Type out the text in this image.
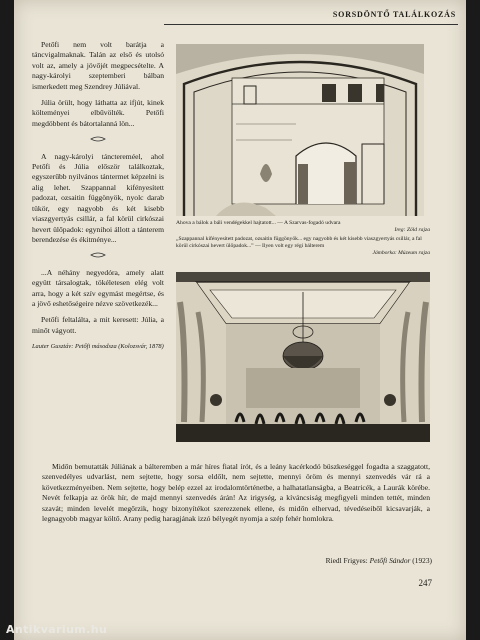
SORSDÖNTŐ TALÁLKOZÁS

Petőfi nem volt barátja a táncvigalmaknak. Talán az első és utolsó volt az, amely a jövőjét megpecsételte. A nagy-károlyi szeptemberi bálban ismerkedett meg Szendrey Júliával.

Júlia örült, hogy láthatta az ifjút, kinek költeményei elbűvölték. Petőfi megdöbbent és bátortalanná lön...

A nagy-károlyi tánctereméel, ahol Petőfi és Júlia először találkoztak, egyszerűbb nyilvános tántermet képzelni is alig lehet. Szappannal kifényesített padozat, ozsaitin függönyök, nyolc darab tükör, egy nagyobb és két kisebb viaszgyertyás csillár, a fal körül cirkószai hevert ülőpadok: egynihoi állott a tánterem berendezése és ékitménye...

...A néhány negyedóra, amely alatt együtt társalogtak, tökéletesen elég volt arra, hogy a két szív egymást megértse, és a jövő eshetőségeire nézve szövetkezék...

Petőfi feltalálta, a mit keresett: Júlia, a minőt vágyott.

Lauter Gusztáv: Petőfi másodsza (Kolozsvár, 1878)
Ahova a bálok a báli vendégekkel hajtatott... — A Szarvas-fogadó udvara
Ireg: Zöld rajza
„Szappannal kifényesített padozat, ozsaitin függönyök... egy nagyobb és két kisebb viaszgyertyás csillár, a fal körül cirkószai hevert ülőpadok...” — Ilyen volt egy régi bálterem
Jámborka: Múzeum rajza

Midőn bemutatták Júliának a bálteremben a már híres fiatal írót, és a leány kacérkodó büszkeséggel fogadta a szaggatott, szenvedélyes udvarlást, nem sejtette, hogy sorsa eldőlt, nem sejtette, mennyi öröm és mennyi szenvedés vár rá a következményeiben. Nem sejtette, hogy belép ezzel az irodalomtörténetbe, a halhatatlanságba, a Beatricék, a Laurák körébe. Nevét felkapja az örök hír, de majd mennyi szenvedés árán! Az irigység, a kíváncsiság megfigyeli minden tettét, minden szavát; minden levelét megőrzik, hogy bizonyítékot szerezzenek ellene, és midőn elhervad, tévedéseiből kicsavarják, a legnagyobb magyar költő. Arany pedig haragjának izzó bélyegét nyomja a szép fehér homlokra.

Riedl Frigyes: Petőfi Sándor (1923)
247
Antikvarium.hu
